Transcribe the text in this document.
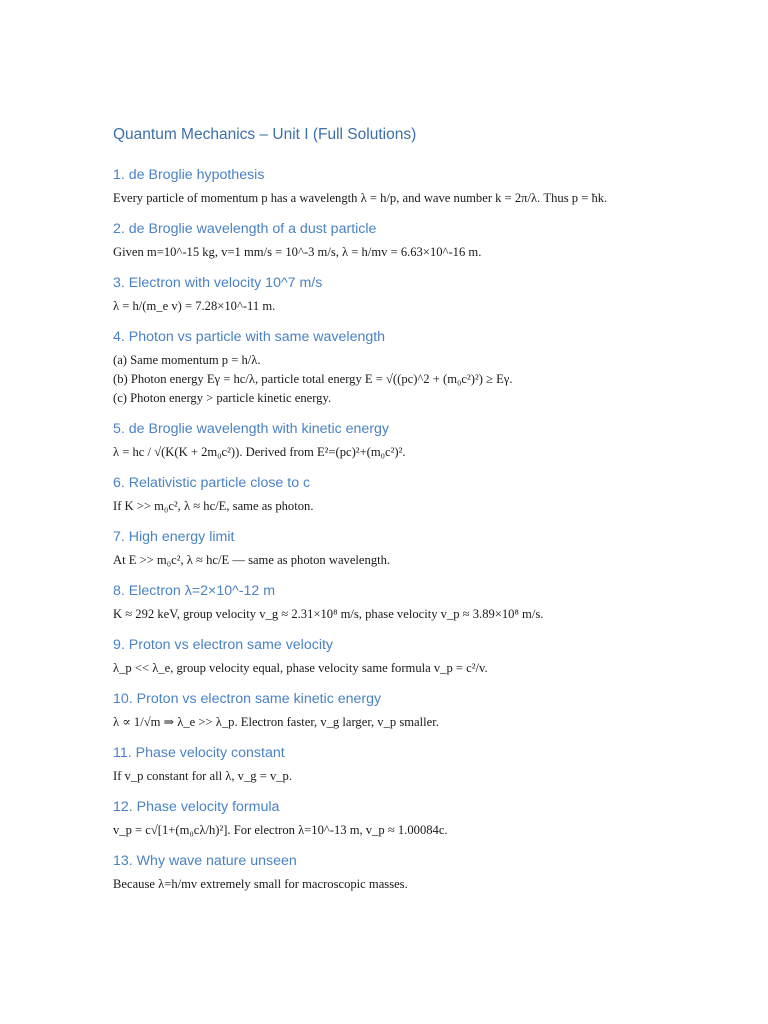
Quantum Mechanics – Unit I (Full Solutions)
1. de Broglie hypothesis

Every particle of momentum p has a wavelength λ = h/p, and wave number k = 2π/λ. Thus p = ħk.

2. de Broglie wavelength of a dust particle

Given m=10^-15 kg, v=1 mm/s = 10^-3 m/s, λ = h/mv = 6.63×10^-16 m.

3. Electron with velocity 10^7 m/s

λ = h/(m_e v) = 7.28×10^-11 m.

4. Photon vs particle with same wavelength

(a) Same momentum p = h/λ.

(b) Photon energy Eγ = hc/λ, particle total energy E = √((pc)^2 + (m₀c²)²) ≥ Eγ.

(c) Photon energy > particle kinetic energy.

5. de Broglie wavelength with kinetic energy

λ = hc / √(K(K + 2m₀c²)). Derived from E²=(pc)²+(m₀c²)².

6. Relativistic particle close to c

If K >> m₀c², λ ≈ hc/E, same as photon.

7. High energy limit

At E >> m₀c², λ ≈ hc/E — same as photon wavelength.

8. Electron λ=2×10^-12 m

K ≈ 292 keV, group velocity v_g ≈ 2.31×10⁸ m/s, phase velocity v_p ≈ 3.89×10⁸ m/s.

9. Proton vs electron same velocity

λ_p << λ_e, group velocity equal, phase velocity same formula v_p = c²/v.

10. Proton vs electron same kinetic energy

λ ∝ 1/√m ⇒ λ_e >> λ_p. Electron faster, v_g larger, v_p smaller.

11. Phase velocity constant

If v_p constant for all λ, v_g = v_p.

12. Phase velocity formula

v_p = c√[1+(m₀cλ/h)²]. For electron λ=10^-13 m, v_p ≈ 1.00084c.

13. Why wave nature unseen

Because λ=h/mv extremely small for macroscopic masses.
